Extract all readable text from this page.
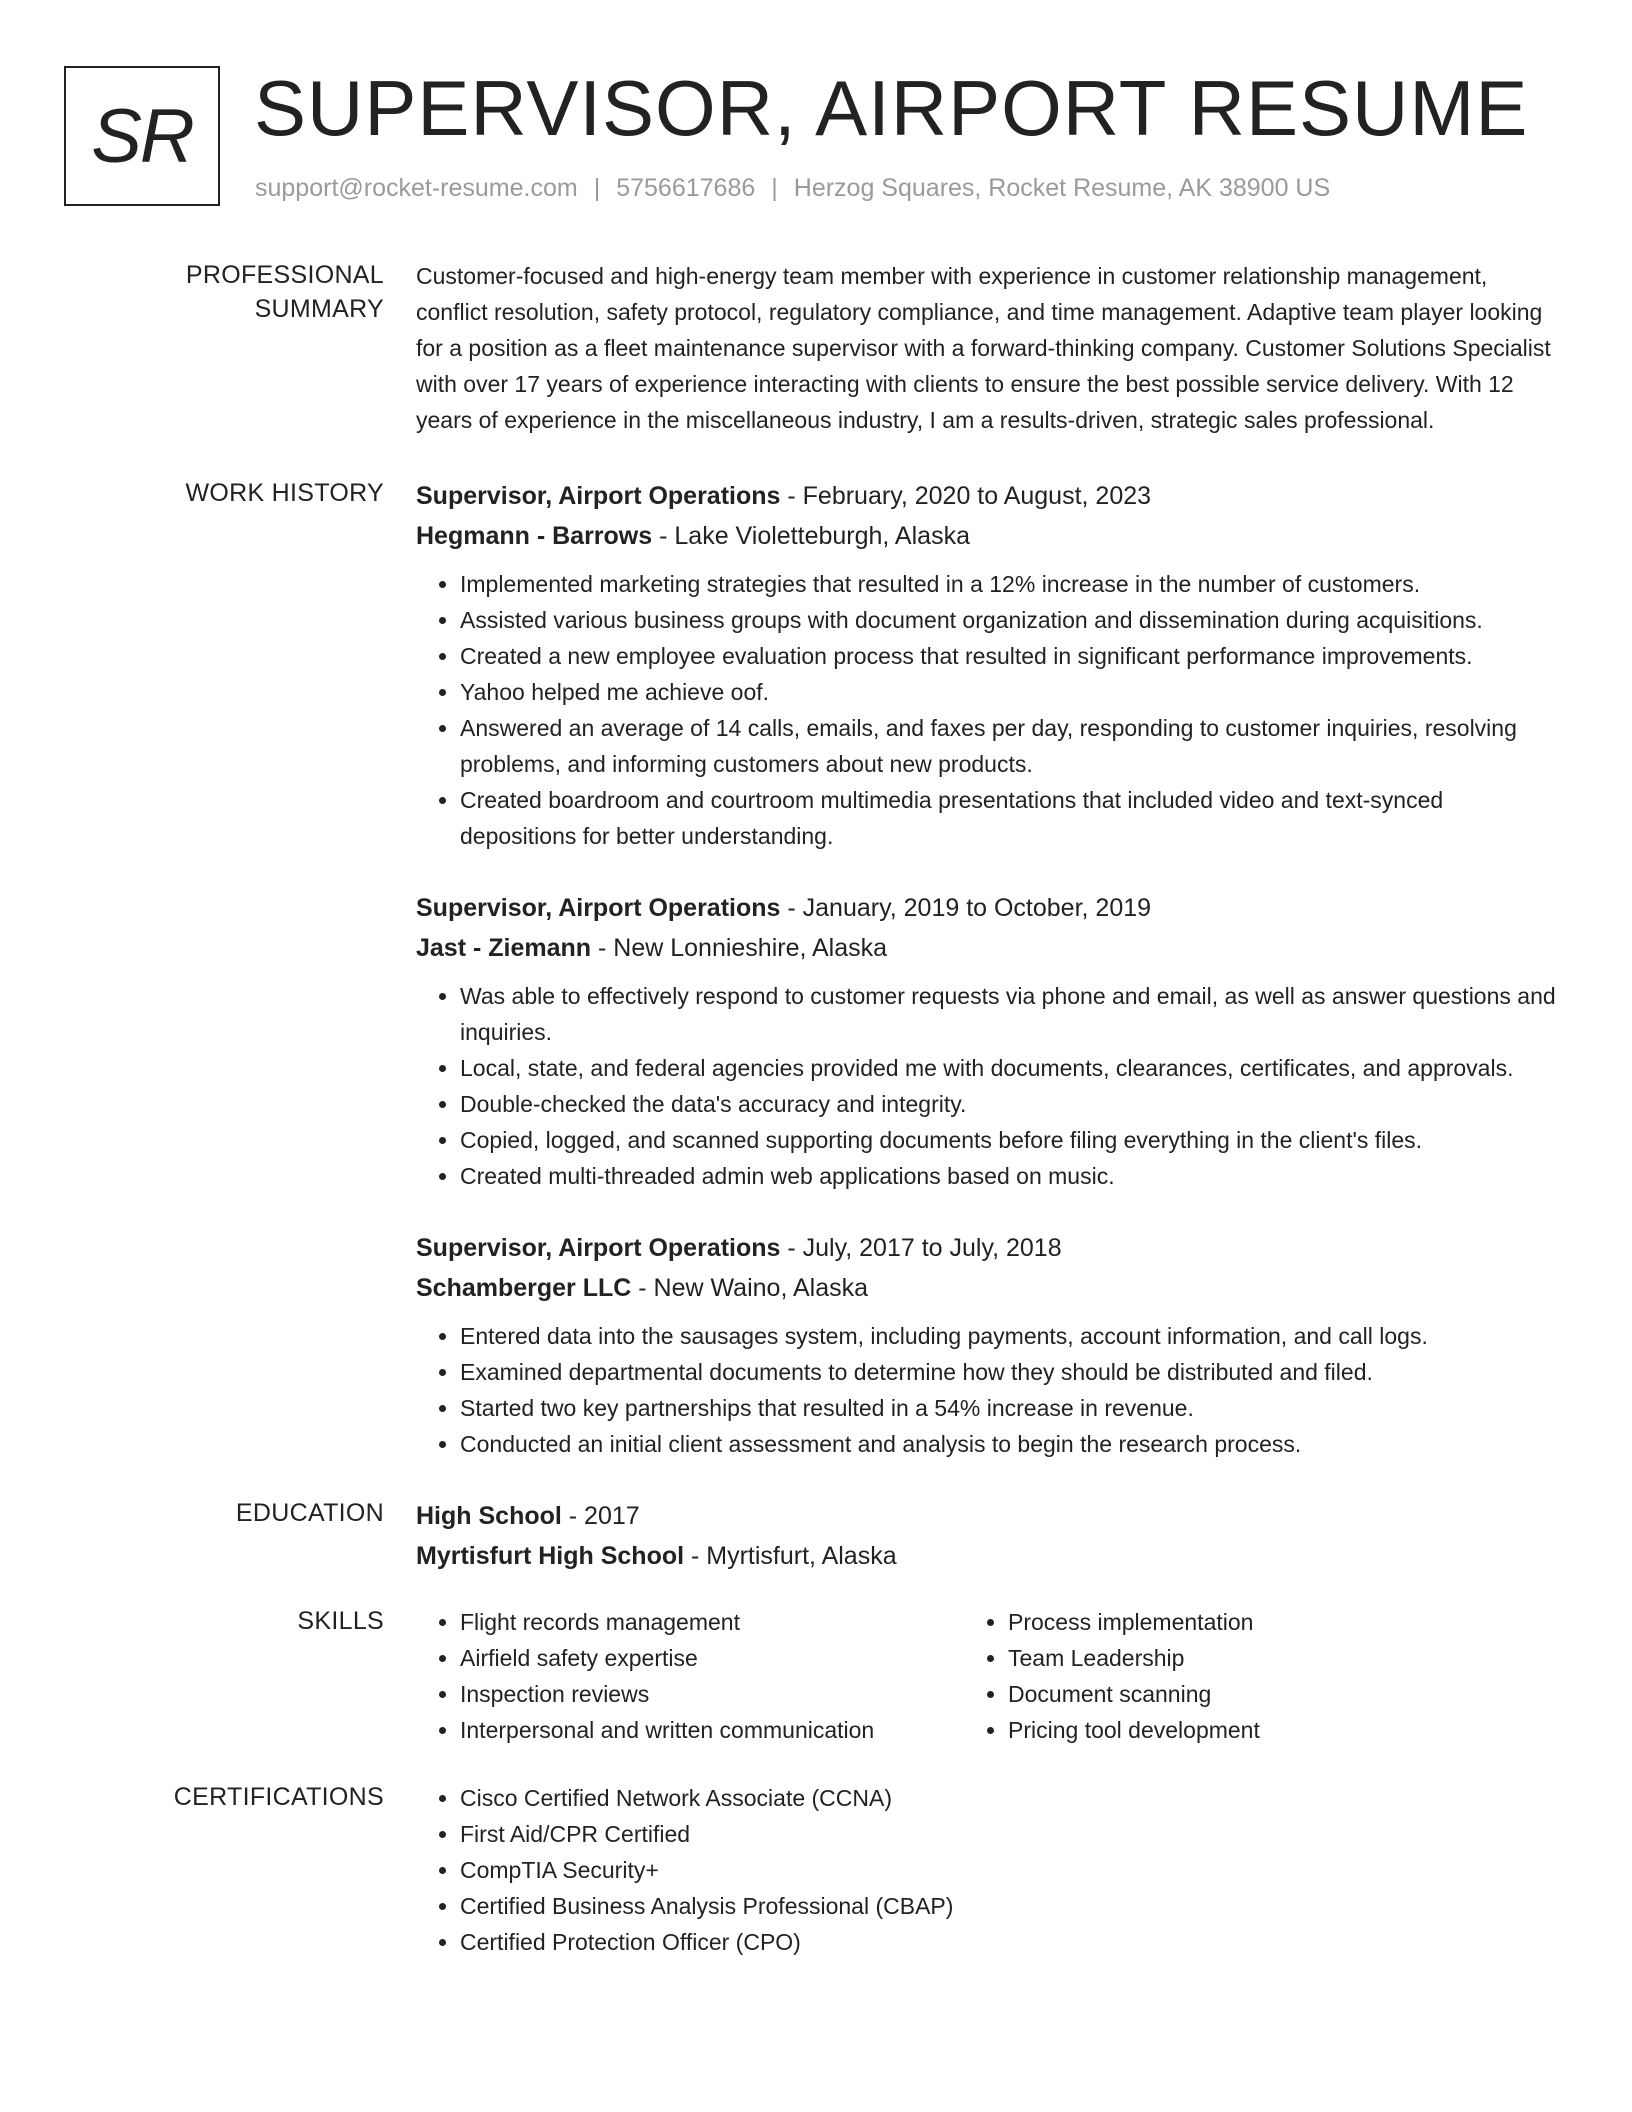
SR SUPERVISOR, AIRPORT RESUME
support@rocket-resume.com | 5756617686 | Herzog Squares, Rocket Resume, AK 38900 US
PROFESSIONAL SUMMARY

Customer-focused and high-energy team member with experience in customer relationship management, conflict resolution, safety protocol, regulatory compliance, and time management. Adaptive team player looking for a position as a fleet maintenance supervisor with a forward-thinking company. Customer Solutions Specialist with over 17 years of experience interacting with clients to ensure the best possible service delivery. With 12 years of experience in the miscellaneous industry, I am a results-driven, strategic sales professional.

WORK HISTORY	Supervisor, Airport Operations - February, 2020 to August, 2023
Hegmann - Barrows - Lake Violetteburgh, Alaska
• Implemented marketing strategies that resulted in a 12% increase in the number of customers.
• Assisted various business groups with document organization and dissemination during acquisitions.
• Created a new employee evaluation process that resulted in significant performance improvements.
• Yahoo helped me achieve oof.
• Answered an average of 14 calls, emails, and faxes per day, responding to customer inquiries, resolving problems, and informing customers about new products.
• Created boardroom and courtroom multimedia presentations that included video and text-synced depositions for better understanding.
Supervisor, Airport Operations - January, 2019 to October, 2019
Jast - Ziemann - New Lonnieshire, Alaska
• Was able to effectively respond to customer requests via phone and email, as well as answer questions and inquiries.
• Local, state, and federal agencies provided me with documents, clearances, certificates, and approvals.
• Double-checked the data's accuracy and integrity.
• Copied, logged, and scanned supporting documents before filing everything in the client's files.
• Created multi-threaded admin web applications based on music.
Supervisor, Airport Operations - July, 2017 to July, 2018
Schamberger LLC - New Waino, Alaska
• Entered data into the sausages system, including payments, account information, and call logs.
• Examined departmental documents to determine how they should be distributed and filed.
• Started two key partnerships that resulted in a 54% increase in revenue.
• Conducted an initial client assessment and analysis to begin the research process.
EDUCATION	High School - 2017
Myrtisfurt High School - Myrtisfurt, Alaska
SKILLS	• Flight records management
• Airfield safety expertise
• Inspection reviews
• Interpersonal and written communication
• Process implementation
• Team Leadership
• Document scanning
• Pricing tool development
CERTIFICATIONS	• Cisco Certified Network Associate (CCNA)
• First Aid/CPR Certified
• CompTIA Security+
• Certified Business Analysis Professional (CBAP)
• Certified Protection Officer (CPO)
